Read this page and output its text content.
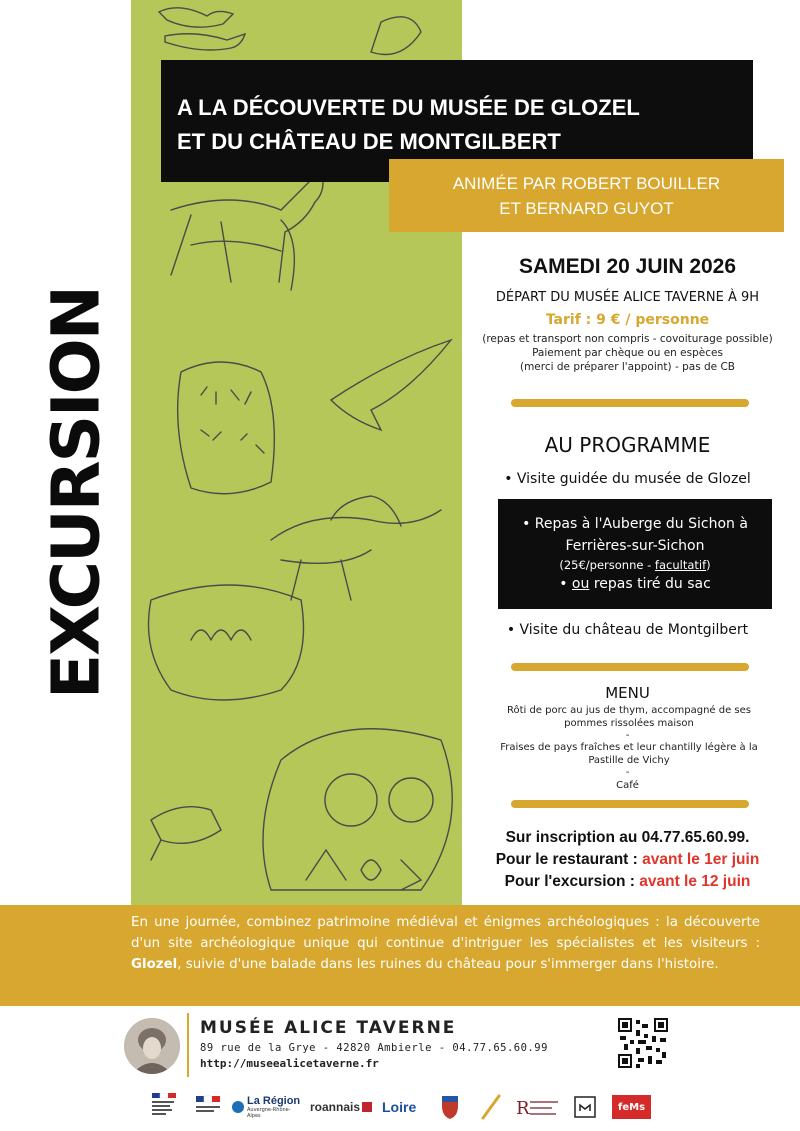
EXCURSION
A LA DÉCOUVERTE DU MUSÉE DE GLOZEL
ET DU CHÂTEAU DE MONTGILBERT
ANIMÉE PAR ROBERT BOUILLER
ET BERNARD GUYOT
SAMEDI 20 JUIN 2026
DÉPART DU MUSÉE ALICE TAVERNE À 9H
Tarif : 9 € / personne
(repas et transport non compris - covoiturage possible)
Paiement par chèque ou en espèces
(merci de préparer l'appoint) - pas de CB
AU PROGRAMME
• Visite guidée du musée de Glozel
• Repas à l'Auberge du Sichon à
Ferrières-sur-Sichon
(25€/personne - facultatif)
• ou repas tiré du sac
• Visite du château de Montgilbert
MENU
Rôti de porc au jus de thym, accompagné de ses pommes rissolées maison
-
Fraises de pays fraîches et leur chantilly légère à la Pastille de Vichy
-
Café
Sur inscription au 04.77.65.60.99.
Pour le restaurant : avant le 1er juin
Pour l'excursion : avant le 12 juin
En une journée, combinez patrimoine médiéval et énigmes archéologiques : la découverte d'un site archéologique unique qui continue d'intriguer les spécialistes et les visiteurs : Glozel, suivie d'une balade dans les ruines du château pour s'immerger dans l'histoire.
MUSÉE ALICE TAVERNE
89 rue de la Grye - 42820 Ambierle - 04.77.65.60.99
http://museealicetaverne.fr
La Région
Auvergne-Rhône-Alpes
roannais Loire	R	feMs
